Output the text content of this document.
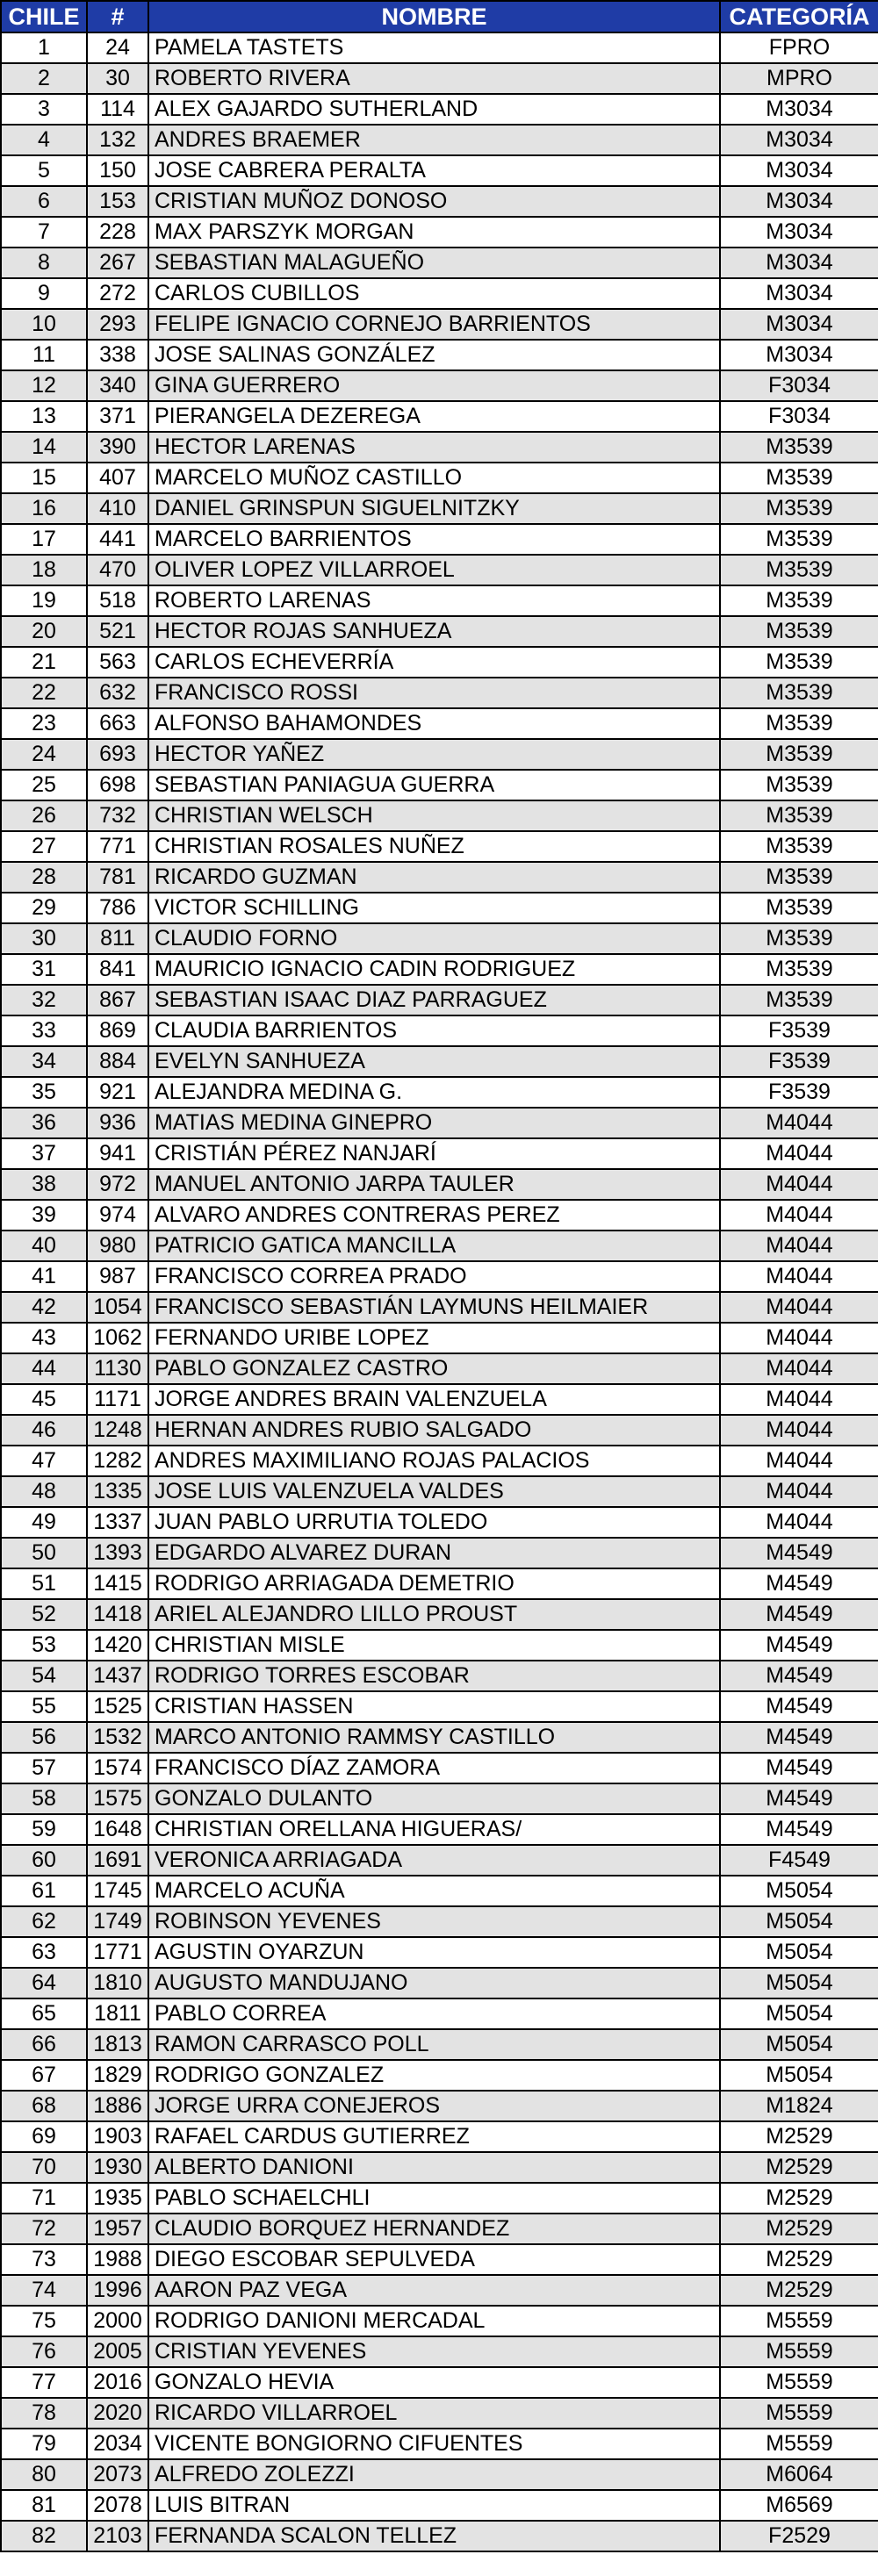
CHILE	#	NOMBRE	CATEGORÍA
1	24	PAMELA TASTETS	FPRO
2	30	ROBERTO RIVERA	MPRO
3	114	ALEX GAJARDO SUTHERLAND	M3034
4	132	ANDRES BRAEMER	M3034
5	150	JOSE CABRERA PERALTA	M3034
6	153	CRISTIAN MUÑOZ DONOSO	M3034
7	228	MAX PARSZYK MORGAN	M3034
8	267	SEBASTIAN MALAGUEÑO	M3034
9	272	CARLOS CUBILLOS	M3034
10	293	FELIPE IGNACIO CORNEJO BARRIENTOS	M3034
11	338	JOSE SALINAS GONZÁLEZ	M3034
12	340	GINA GUERRERO	F3034
13	371	PIERANGELA DEZEREGA	F3034
14	390	HECTOR LARENAS	M3539
15	407	MARCELO MUÑOZ CASTILLO	M3539
16	410	DANIEL GRINSPUN SIGUELNITZKY	M3539
17	441	MARCELO BARRIENTOS	M3539
18	470	OLIVER LOPEZ VILLARROEL	M3539
19	518	ROBERTO LARENAS	M3539
20	521	HECTOR ROJAS SANHUEZA	M3539
21	563	CARLOS ECHEVERRÍA	M3539
22	632	FRANCISCO ROSSI	M3539
23	663	ALFONSO BAHAMONDES	M3539
24	693	HECTOR YAÑEZ	M3539
25	698	SEBASTIAN PANIAGUA GUERRA	M3539
26	732	CHRISTIAN WELSCH	M3539
27	771	CHRISTIAN ROSALES NUÑEZ	M3539
28	781	RICARDO GUZMAN	M3539
29	786	VICTOR SCHILLING	M3539
30	811	CLAUDIO FORNO	M3539
31	841	MAURICIO IGNACIO CADIN RODRIGUEZ	M3539
32	867	SEBASTIAN ISAAC DIAZ PARRAGUEZ	M3539
33	869	CLAUDIA BARRIENTOS	F3539
34	884	EVELYN SANHUEZA	F3539
35	921	ALEJANDRA MEDINA G.	F3539
36	936	MATIAS MEDINA GINEPRO	M4044
37	941	CRISTIÁN PÉREZ NANJARÍ	M4044
38	972	MANUEL ANTONIO JARPA TAULER	M4044
39	974	ALVARO ANDRES CONTRERAS PEREZ	M4044
40	980	PATRICIO GATICA MANCILLA	M4044
41	987	FRANCISCO CORREA PRADO	M4044
42	1054	FRANCISCO SEBASTIÁN LAYMUNS HEILMAIER	M4044
43	1062	FERNANDO URIBE LOPEZ	M4044
44	1130	PABLO GONZALEZ CASTRO	M4044
45	1171	JORGE ANDRES BRAIN VALENZUELA	M4044
46	1248	HERNAN ANDRES RUBIO SALGADO	M4044
47	1282	ANDRES MAXIMILIANO ROJAS PALACIOS	M4044
48	1335	JOSE LUIS VALENZUELA VALDES	M4044
49	1337	JUAN PABLO URRUTIA TOLEDO	M4044
50	1393	EDGARDO ALVAREZ DURAN	M4549
51	1415	RODRIGO ARRIAGADA DEMETRIO	M4549
52	1418	ARIEL ALEJANDRO LILLO PROUST	M4549
53	1420	CHRISTIAN MISLE	M4549
54	1437	RODRIGO TORRES ESCOBAR	M4549
55	1525	CRISTIAN HASSEN	M4549
56	1532	MARCO ANTONIO RAMMSY CASTILLO	M4549
57	1574	FRANCISCO DÍAZ ZAMORA	M4549
58	1575	GONZALO DULANTO	M4549
59	1648	CHRISTIAN ORELLANA HIGUERAS/	M4549
60	1691	VERONICA ARRIAGADA	F4549
61	1745	MARCELO ACUÑA	M5054
62	1749	ROBINSON YEVENES	M5054
63	1771	AGUSTIN OYARZUN	M5054
64	1810	AUGUSTO MANDUJANO	M5054
65	1811	PABLO CORREA	M5054
66	1813	RAMON CARRASCO POLL	M5054
67	1829	RODRIGO GONZALEZ	M5054
68	1886	JORGE URRA CONEJEROS	M1824
69	1903	RAFAEL CARDUS GUTIERREZ	M2529
70	1930	ALBERTO DANIONI	M2529
71	1935	PABLO SCHAELCHLI	M2529
72	1957	CLAUDIO BORQUEZ HERNANDEZ	M2529
73	1988	DIEGO ESCOBAR SEPULVEDA	M2529
74	1996	AARON PAZ VEGA	M2529
75	2000	RODRIGO DANIONI MERCADAL	M5559
76	2005	CRISTIAN YEVENES	M5559
77	2016	GONZALO HEVIA	M5559
78	2020	RICARDO VILLARROEL	M5559
79	2034	VICENTE BONGIORNO CIFUENTES	M5559
80	2073	ALFREDO ZOLEZZI	M6064
81	2078	LUIS BITRAN	M6569
82	2103	FERNANDA SCALON TELLEZ	F2529
